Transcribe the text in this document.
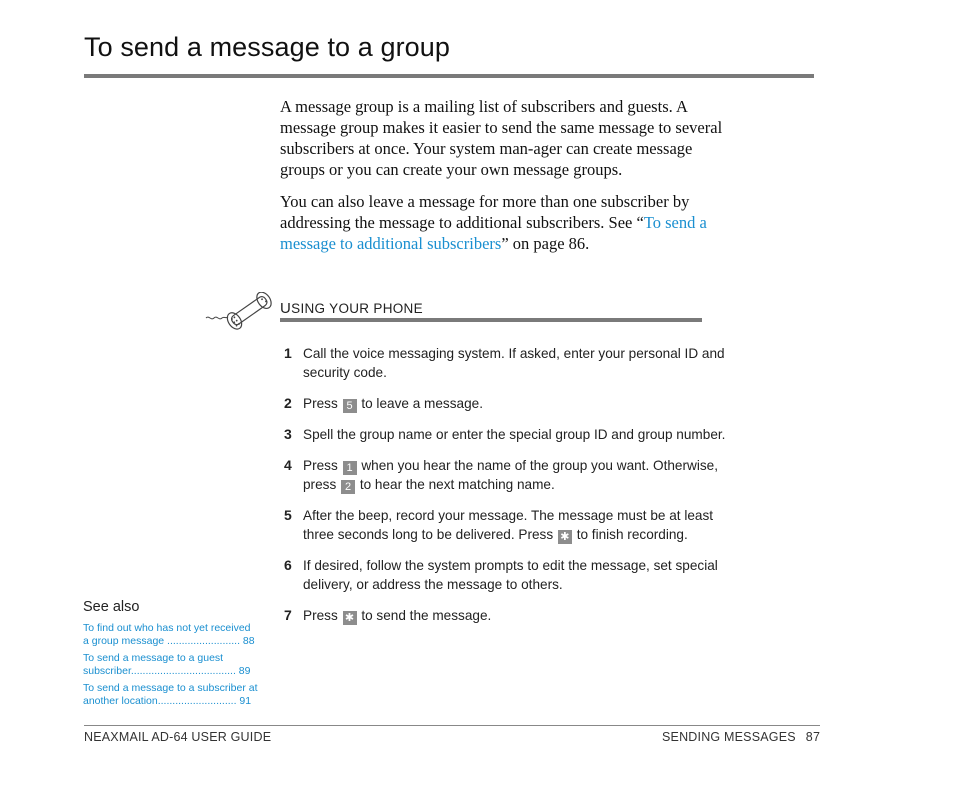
To send a message to a group

A message group is a mailing list of subscribers and guests. A message group makes it easier to send the same message to several subscribers at once. Your system man-ager can create message groups or you can create your own message groups.

You can also leave a message for more than one subscriber by addressing the message to additional subscribers. See “To send a message to additional subscribers” on page 86.

USING YOUR PHONE
1 Call the voice messaging system. If asked, enter your personal ID and security code.
2 Press 5 to leave a message.
3 Spell the group name or enter the special group ID and group number.
4 Press 1 when you hear the name of the group you want. Otherwise, press 2 to hear the next matching name.
5 After the beep, record your message. The message must be at least three seconds long to be delivered. Press ✱ to finish recording.
6 If desired, follow the system prompts to edit the message, set special delivery, or address the message to others.
7 Press ✱ to send the message.
See also
To find out who has not yet received
a group message ......................... 88
To send a message to a guest
subscriber.................................... 89
To send a message to a subscriber at
another location........................... 91
NEAXMAIL AD-64 USER GUIDE	SENDING MESSAGES 87
